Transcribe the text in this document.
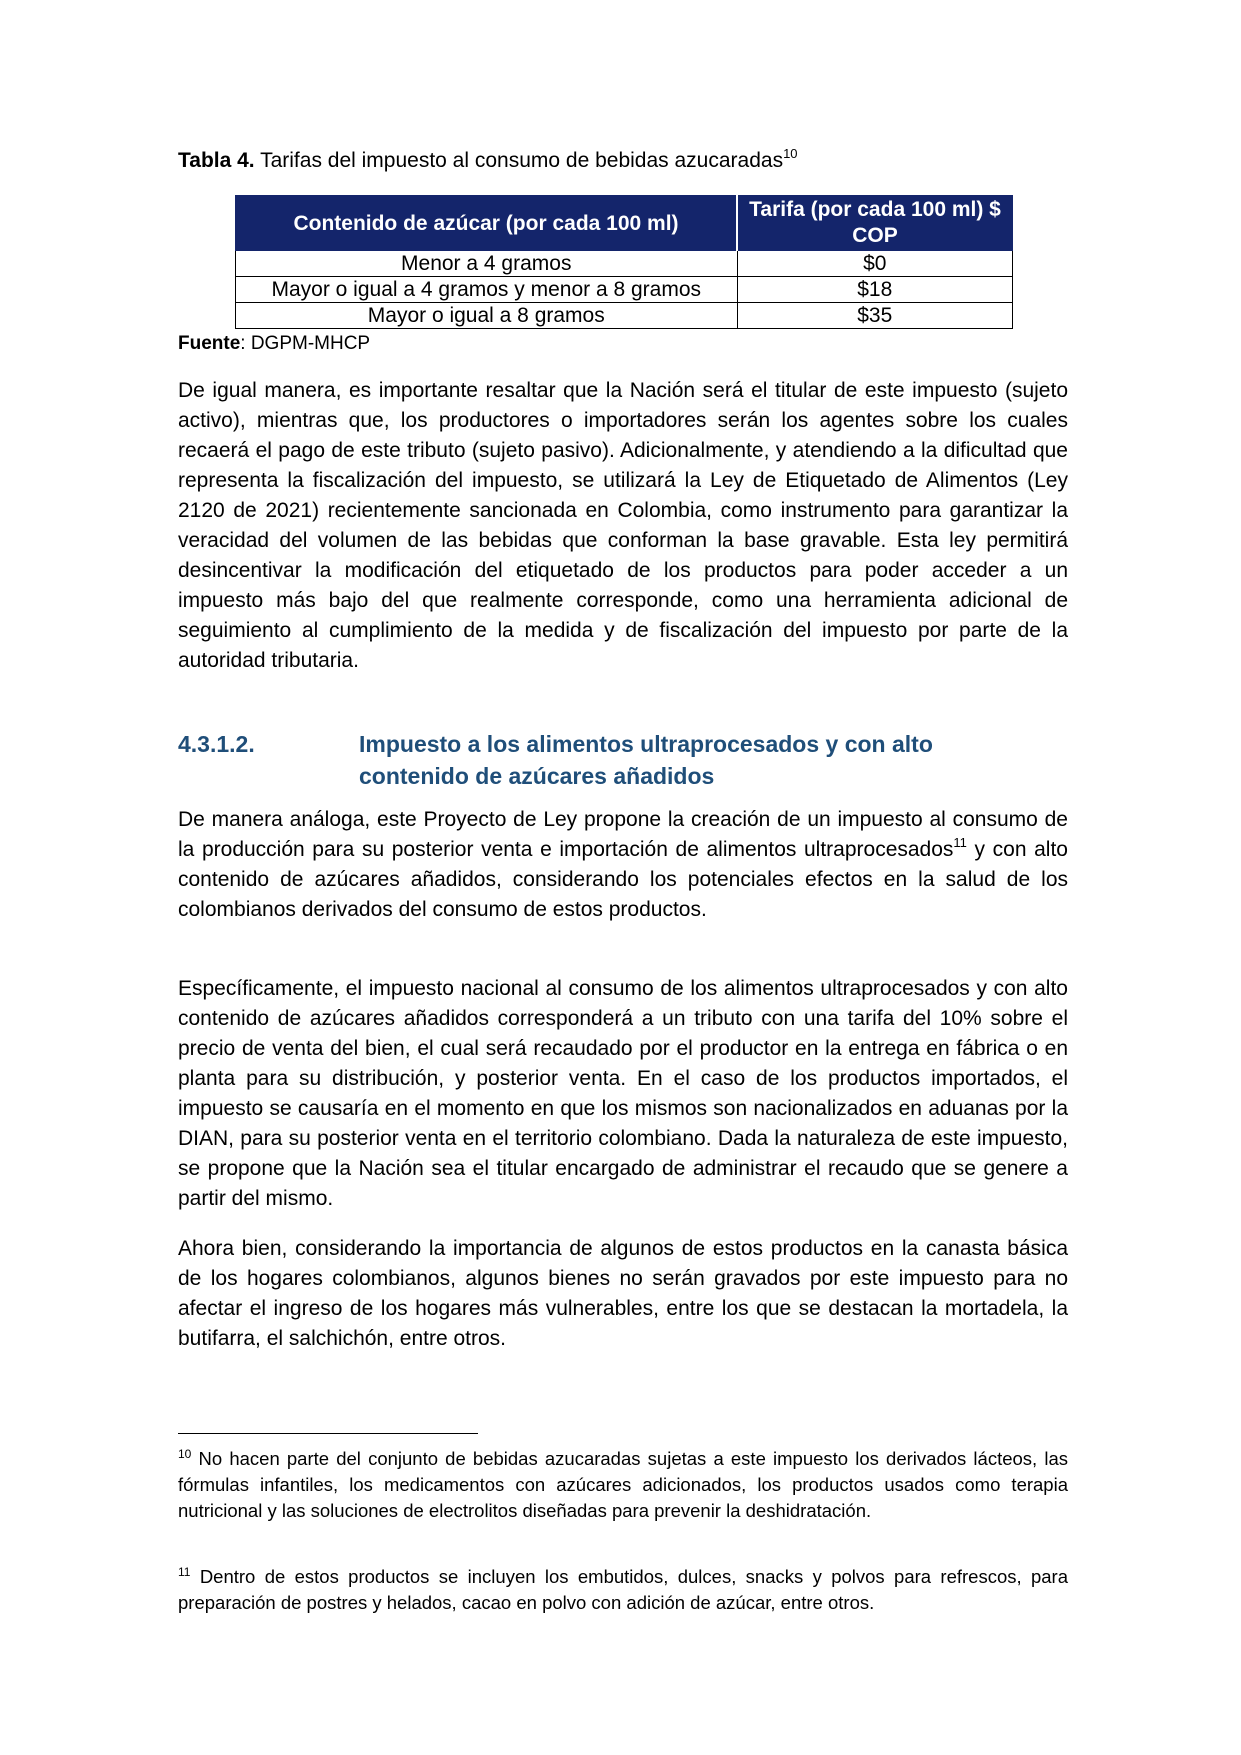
Tabla 4. Tarifas del impuesto al consumo de bebidas azucaradas$^{10}$
Contenido de azúcar (por cada 100 ml)	Tarifa (por cada 100 ml) $ COP
Menor a 4 gramos	$0
Mayor o igual a 4 gramos y menor a 8 gramos	$18
Mayor o igual a 8 gramos	$35
Fuente: DGPM-MHCP

De igual manera, es importante resaltar que la Nación será el titular de este impuesto (sujeto activo), mientras que, los productores o importadores serán los agentes sobre los cuales recaerá el pago de este tributo (sujeto pasivo). Adicionalmente, y atendiendo a la dificultad que representa la fiscalización del impuesto, se utilizará la Ley de Etiquetado de Alimentos (Ley 2120 de 2021) recientemente sancionada en Colombia, como instrumento para garantizar la veracidad del volumen de las bebidas que conforman la base gravable. Esta ley permitirá desincentivar la modificación del etiquetado de los productos para poder acceder a un impuesto más bajo del que realmente corresponde, como una herramienta adicional de seguimiento al cumplimiento de la medida y de fiscalización del impuesto por parte de la autoridad tributaria.

4.3.1.2.	Impuesto a los alimentos ultraprocesados y con alto contenido de azúcares añadidos

De manera análoga, este Proyecto de Ley propone la creación de un impuesto al consumo de la producción para su posterior venta e importación de alimentos ultraprocesados$^{11}$ y con alto contenido de azúcares añadidos, considerando los potenciales efectos en la salud de los colombianos derivados del consumo de estos productos.

Específicamente, el impuesto nacional al consumo de los alimentos ultraprocesados y con alto contenido de azúcares añadidos corresponderá a un tributo con una tarifa del 10% sobre el precio de venta del bien, el cual será recaudado por el productor en la entrega en fábrica o en planta para su distribución, y posterior venta. En el caso de los productos importados, el impuesto se causaría en el momento en que los mismos son nacionalizados en aduanas por la DIAN, para su posterior venta en el territorio colombiano. Dada la naturaleza de este impuesto, se propone que la Nación sea el titular encargado de administrar el recaudo que se genere a partir del mismo.

Ahora bien, considerando la importancia de algunos de estos productos en la canasta básica de los hogares colombianos, algunos bienes no serán gravados por este impuesto para no afectar el ingreso de los hogares más vulnerables, entre los que se destacan la mortadela, la butifarra, el salchichón, entre otros.

$^{10}$ No hacen parte del conjunto de bebidas azucaradas sujetas a este impuesto los derivados lácteos, las fórmulas infantiles, los medicamentos con azúcares adicionados, los productos usados como terapia nutricional y las soluciones de electrolitos diseñadas para prevenir la deshidratación.

$^{11}$ Dentro de estos productos se incluyen los embutidos, dulces, snacks y polvos para refrescos, para preparación de postres y helados, cacao en polvo con adición de azúcar, entre otros.
